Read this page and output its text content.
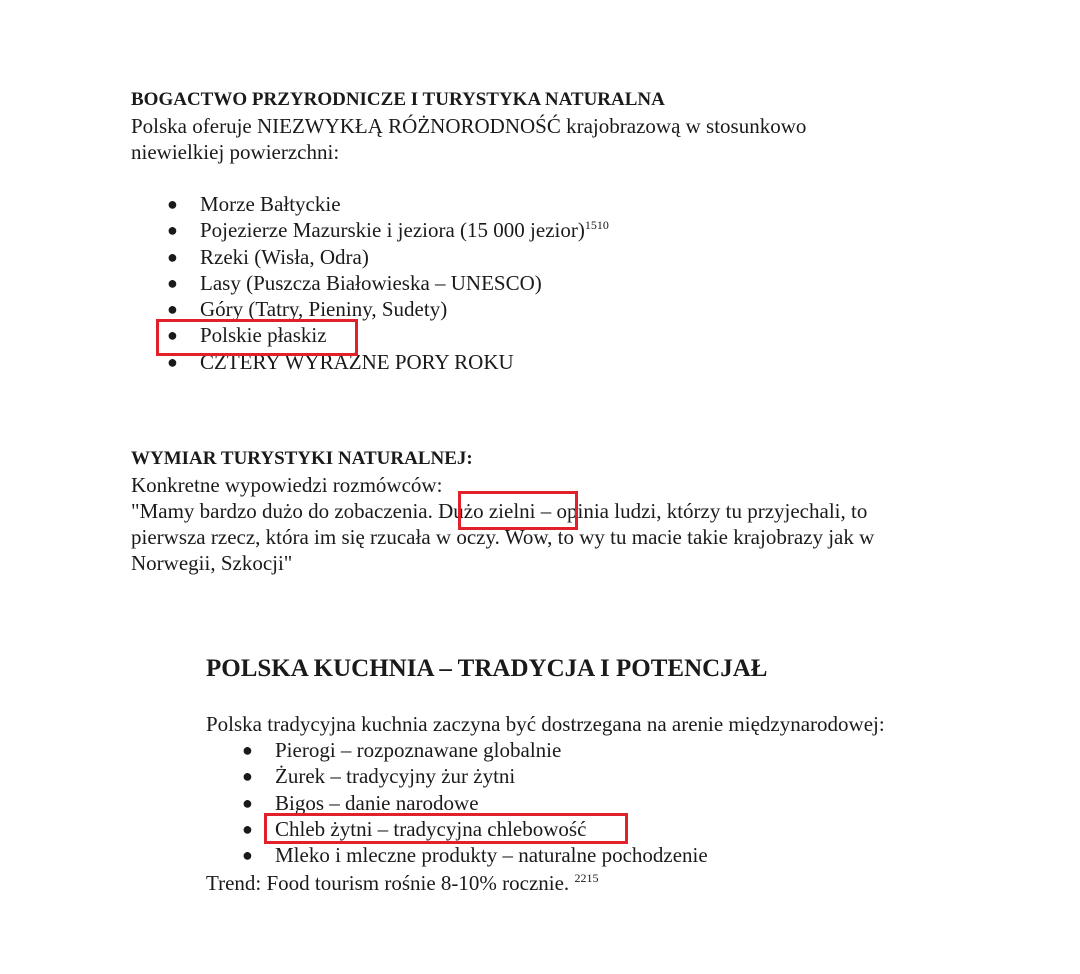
BOGACTWO PRZYRODNICZE I TURYSTYKA NATURALNA
Polska oferuje NIEZWYKŁĄ RÓŻNORODNOŚĆ krajobrazową w stosunkowo
niewielkiej powierzchni:
● Morze Bałtyckie
● Pojezierze Mazurskie i jeziora (15 000 jezior)$^{1510}$
● Rzeki (Wisła, Odra)
● Lasy (Puszcza Białowieska – UNESCO)
● Góry (Tatry, Pieniny, Sudety)
● Polskie płaskiz
● CZTERY WYRAŹNE PORY ROKU
WYMIAR TURYSTYKI NATURALNEJ:
Konkretne wypowiedzi rozmówców:
"Mamy bardzo dużo do zobaczenia. Dużo zielni – opinia ludzi, którzy tu przyjechali, to
pierwsza rzecz, która im się rzucała w oczy. Wow, to wy tu macie takie krajobrazy jak w
Norwegii, Szkocji"
POLSKA KUCHNIA – TRADYCJA I POTENCJAŁ
Polska tradycyjna kuchnia zaczyna być dostrzegana na arenie międzynarodowej:
● Pierogi – rozpoznawane globalnie
● Żurek – tradycyjny żur żytni
● Bigos – danie narodowe
● Chleb żytni – tradycyjna chlebowość
● Mleko i mleczne produkty – naturalne pochodzenie
Trend: Food tourism rośnie 8-10% rocznie. $^{2215}$
